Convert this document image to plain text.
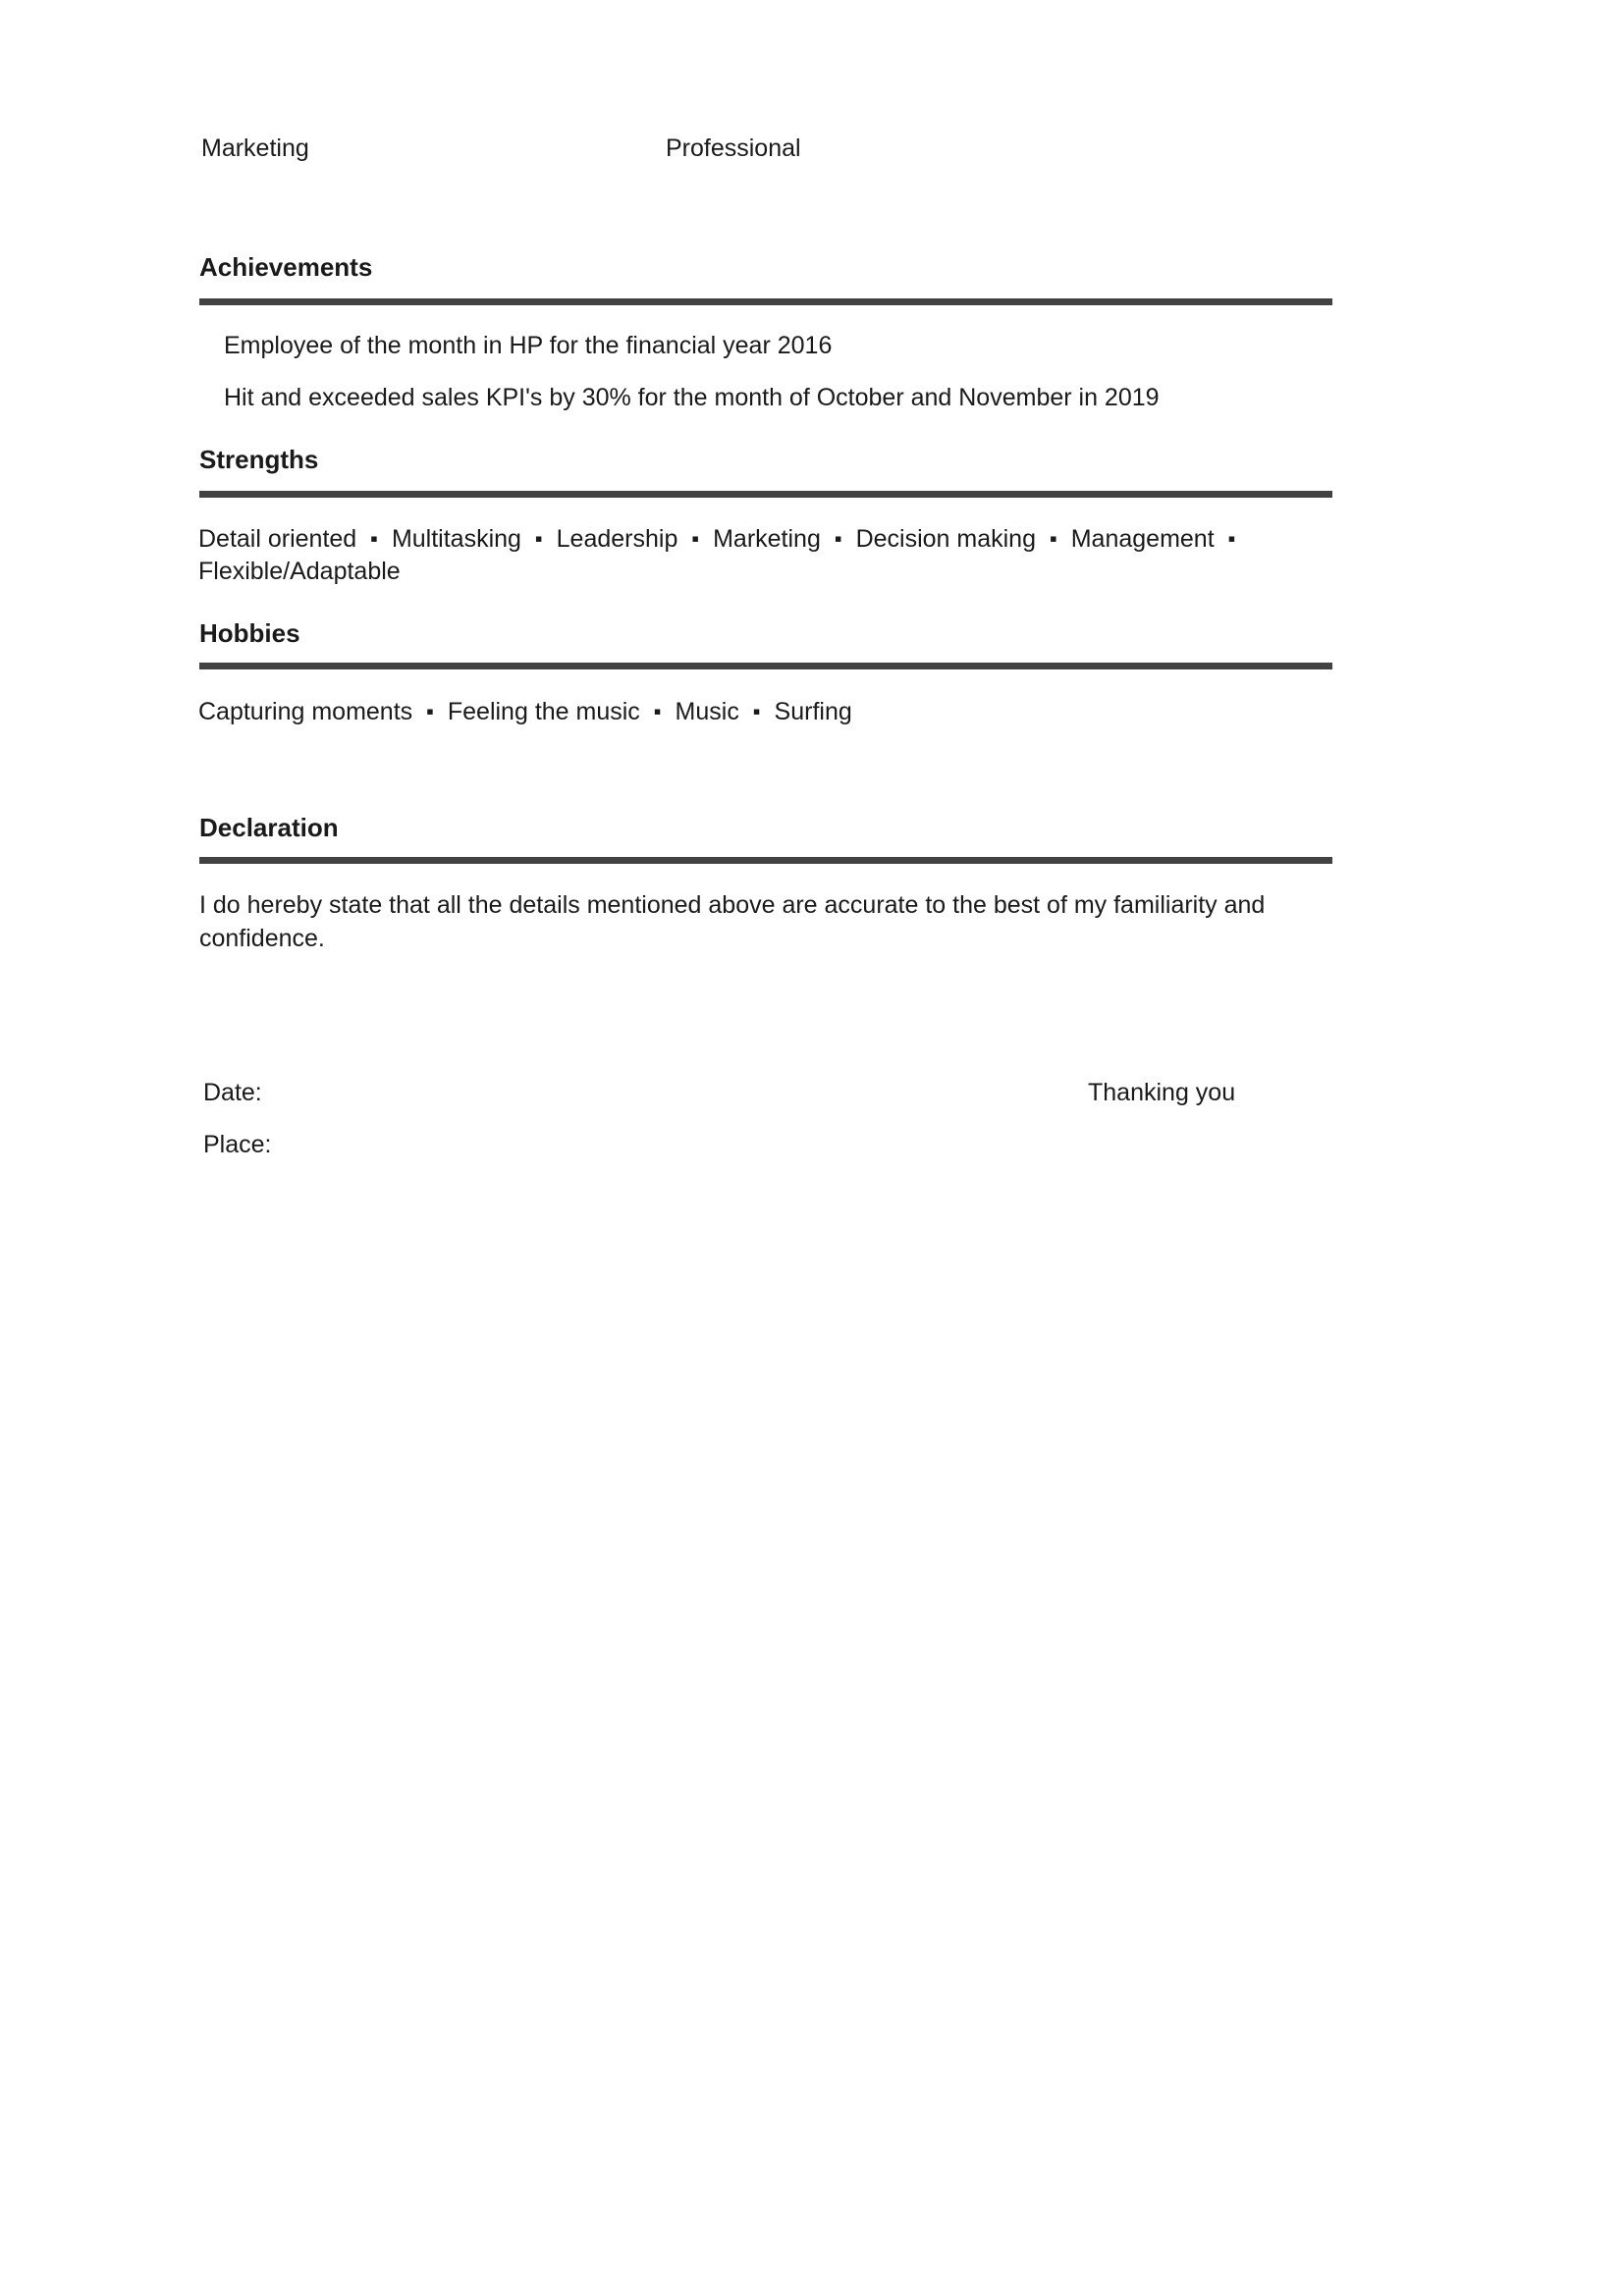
Marketing	Professional
Achievements
Employee of the month in HP for the financial year 2016
Hit and exceeded sales KPI's by 30% for the month of October and November in 2019
Strengths
Detail oriented ▪ Multitasking ▪ Leadership ▪ Marketing ▪ Decision making ▪ Management ▪ Flexible/Adaptable
Hobbies
Capturing moments ▪ Feeling the music ▪ Music ▪ Surfing
Declaration
I do hereby state that all the details mentioned above are accurate to the best of my familiarity and confidence.
Date:	Thanking you
Place:
